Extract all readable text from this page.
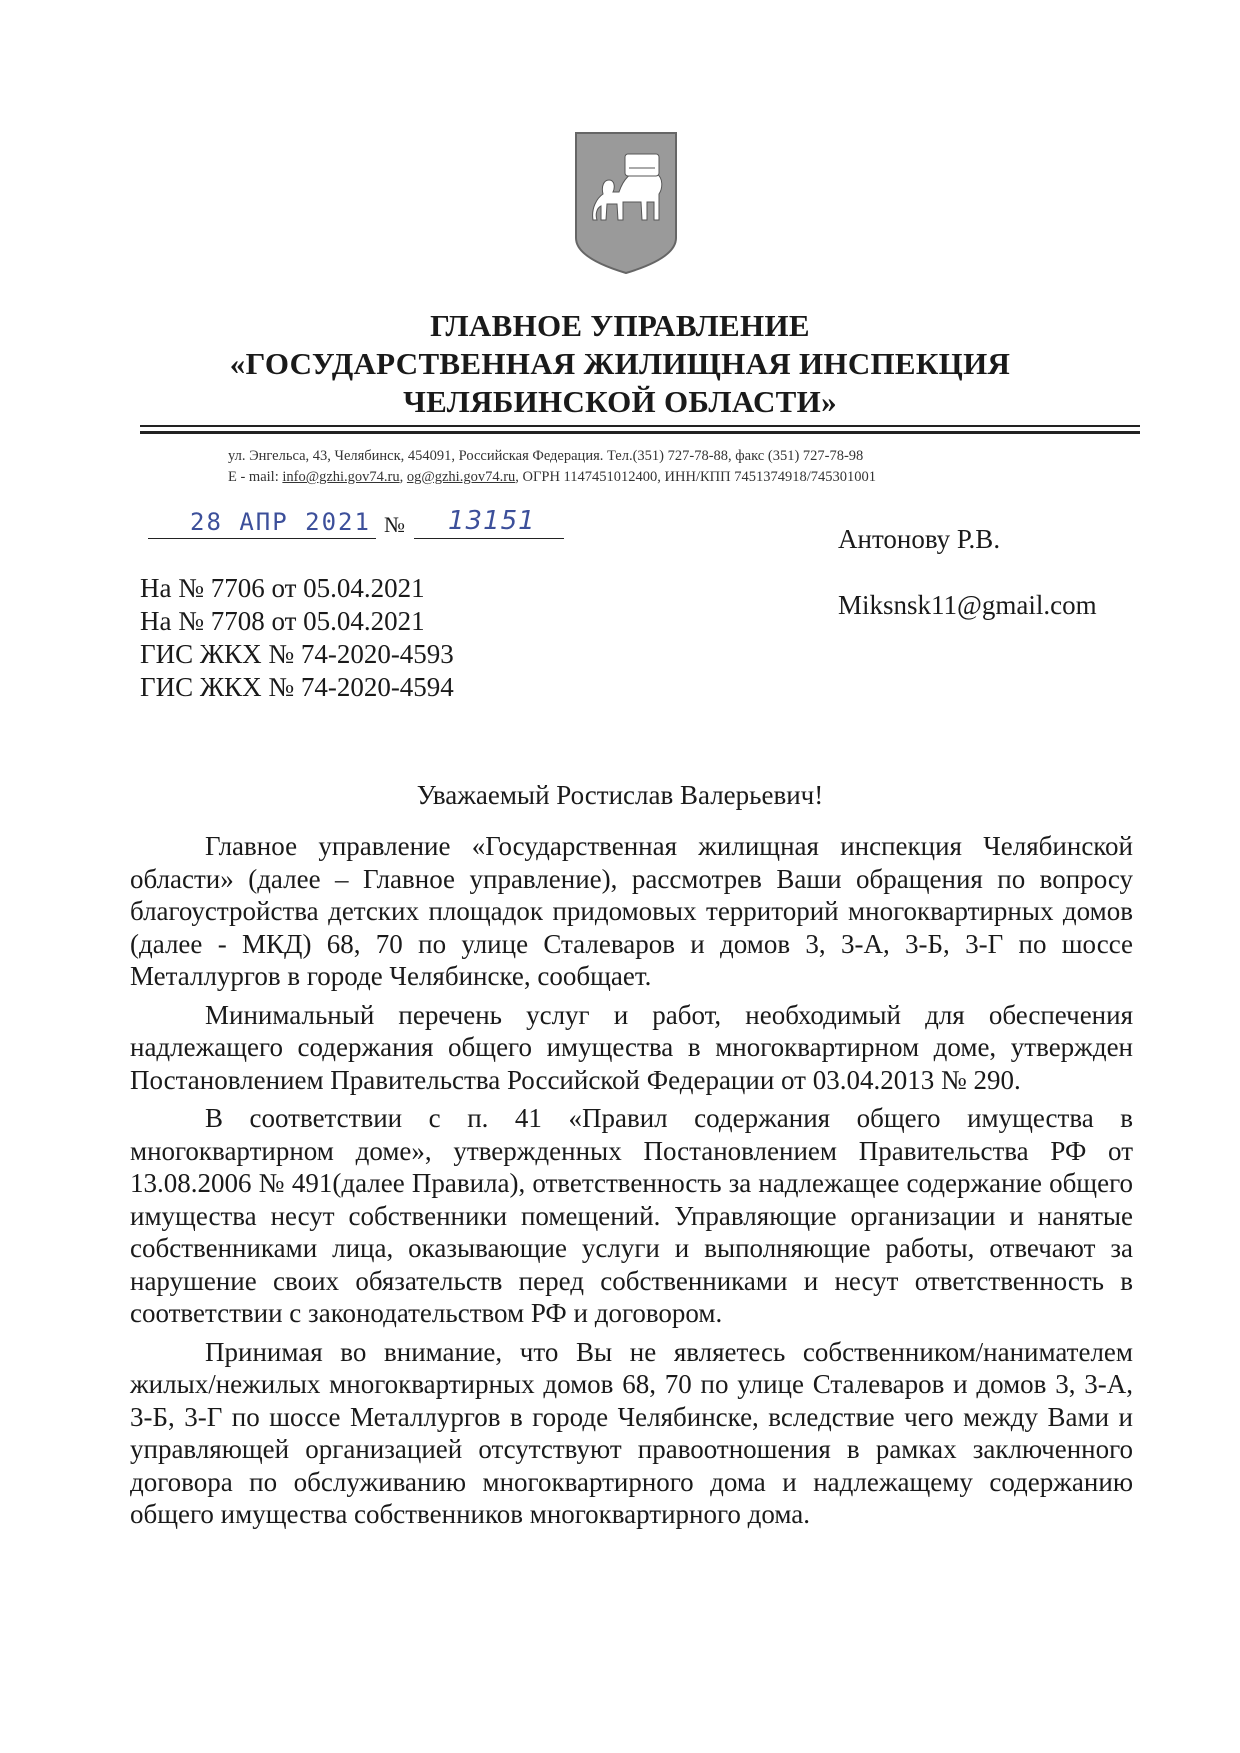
ГЛАВНОЕ УПРАВЛЕНИЕ
«ГОСУДАРСТВЕННАЯ ЖИЛИЩНАЯ ИНСПЕКЦИЯ
ЧЕЛЯБИНСКОЙ ОБЛАСТИ»
ул. Энгельса, 43, Челябинск, 454091, Российская Федерация. Тел.(351) 727-78-88, факс (351) 727-78-98
E - mail: info@gzhi.gov74.ru, og@gzhi.gov74.ru, ОГРН 1147451012400, ИНН/КПП 7451374918/745301001
28 АПР 2021 № 13151
Антонову Р.В.
Miksnsk11@gmail.com
На № 7706 от 05.04.2021
На № 7708 от 05.04.2021
ГИС ЖКХ № 74-2020-4593
ГИС ЖКХ № 74-2020-4594
Уважаемый Ростислав Валерьевич!

Главное управление «Государственная жилищная инспекция Челябинской области» (далее – Главное управление), рассмотрев Ваши обращения по вопросу благоустройства детских площадок придомовых территорий многоквартирных домов (далее - МКД) 68, 70 по улице Сталеваров и домов 3, 3-А, 3-Б, 3-Г по шоссе Металлургов в городе Челябинске, сообщает.

Минимальный перечень услуг и работ, необходимый для обеспечения надлежащего содержания общего имущества в многоквартирном доме, утвержден Постановлением Правительства Российской Федерации от 03.04.2013 № 290.

В соответствии с п. 41 «Правил содержания общего имущества в многоквартирном доме», утвержденных Постановлением Правительства РФ от 13.08.2006 № 491(далее Правила), ответственность за надлежащее содержание общего имущества несут собственники помещений. Управляющие организации и нанятые собственниками лица, оказывающие услуги и выполняющие работы, отвечают за нарушение своих обязательств перед собственниками и несут ответственность в соответствии с законодательством РФ и договором.

Принимая во внимание, что Вы не являетесь собственником/нанимателем жилых/нежилых многоквартирных домов 68, 70 по улице Сталеваров и домов 3, 3-А, 3-Б, 3-Г по шоссе Металлургов в городе Челябинске, вследствие чего между Вами и управляющей организацией отсутствуют правоотношения в рамках заключенного договора по обслуживанию многоквартирного дома и надлежащему содержанию общего имущества собственников многоквартирного дома.
